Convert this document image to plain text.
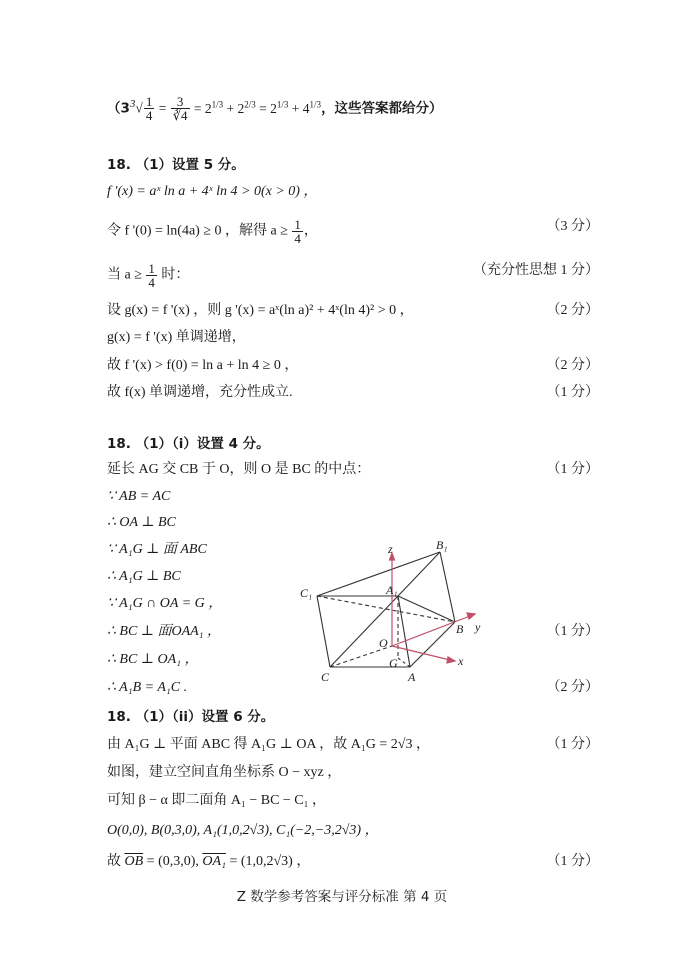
（$3^3√ \frac{1}{4} = \frac{3}{∛4} = 2^{1/3} + 2^{2/3} = 2^{1/3} + 4^{1/3}$，这些答案都给分）
18. （1）设置 5 分。
f '(x) = aˣ ln a + 4ˣ ln 4 > 0(x > 0) ，
令 f '(0) = ln(4a) ≥ 0 ，解得 $a \ge \frac{1}{4}$ ，	（3 分）
当 $a \ge \frac{1}{4}$ 时：	（充分性思想 1 分）
设 g(x) = f '(x) ，则 g '(x) = aˣ(ln a)² + 4ˣ(ln 4)² > 0 ，	（2 分）
g(x) = f '(x) 单调递增，
故 f '(x) > f(0) = ln a + ln 4 ≥ 0 ，	（2 分）
故 f(x) 单调递增，充分性成立.	（1 分）
18. （1）（i）设置 4 分。
延长 AG 交 CB 于 O，则 O 是 BC 的中点：	（1 分）
∵ AB = AC
∴ OA ⊥ BC
∵ A₁G ⊥ 面 ABC
∴ A₁G ⊥ BC
∵ A₁G ∩ OA = G ，
∴ BC ⊥ 面OAA₁ ，	（1 分）
∴ BC ⊥ OA₁ ，
∴ A₁B = A₁C .	（2 分）
B₁
C₁	A₁
B
C	A
O
G	x
y
z
18. （1）（ii）设置 6 分。
由 A₁G ⊥ 平面 ABC 得 A₁G ⊥ OA ，故 A₁G = 2√3 ，	（1 分）
如图，建立空间直角坐标系 O − xyz ，
可知 β − α 即二面角 A₁ − BC − C₁ ，
O(0,0), B(0,3,0), A₁(1,0,2√3), C₁(−2,−3,2√3) ，
故 $\overline{OB} = (0,3,0)$, OA₁ = (1,0,2√3) ，	（1 分）
Z 数学参考答案与评分标准 第 4 页
